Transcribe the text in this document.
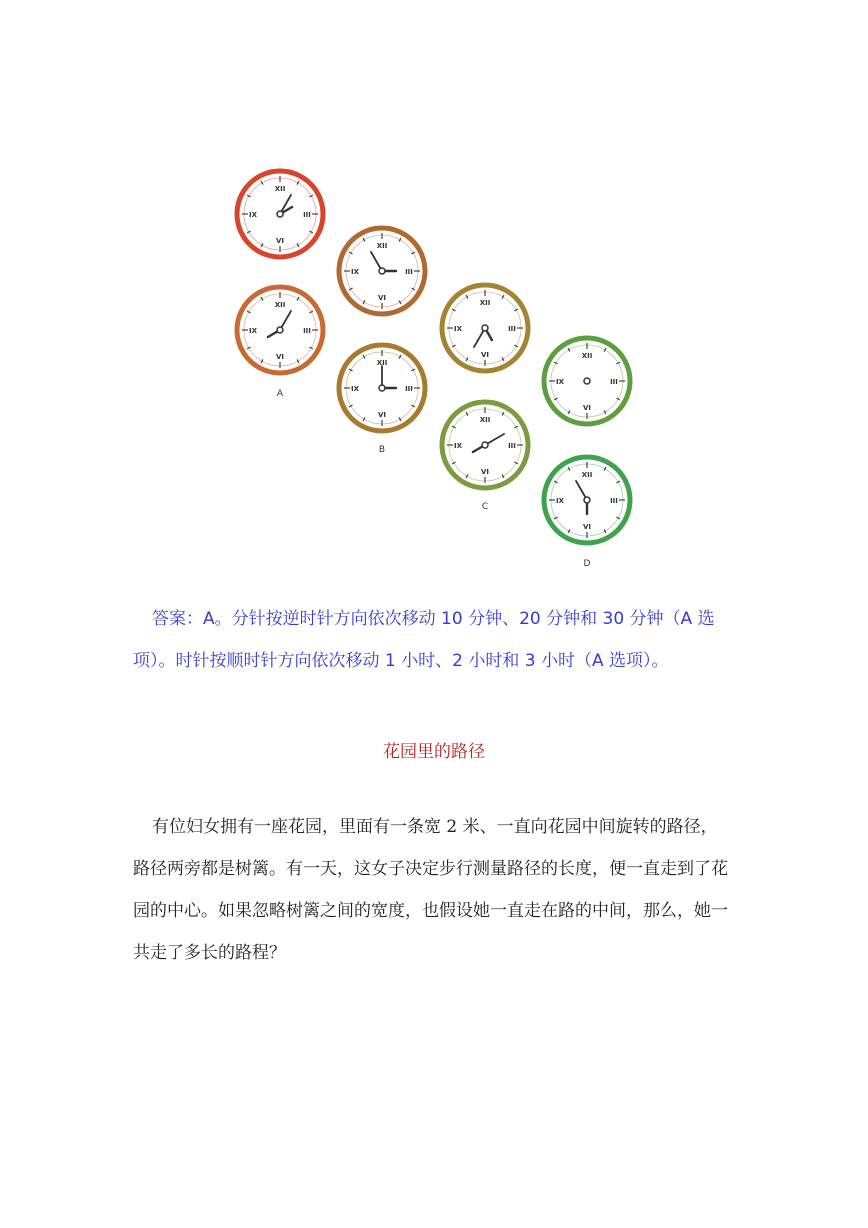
XII
III
VI
IX
XII
III
VI
IX
XII
III
VI
IX
XII
III
VI
IX
XII
III
VI
IX
XII
III
VI
IX
XII
III
VI
IX
XII
III
VI
IX
A
B
C
D

答案：A。分针按逆时针方向依次移动 10 分钟、20 分钟和 30 分钟（A 选

项）。时针按顺时针方向依次移动 1 小时、2 小时和 3 小时（A 选项）。

花园里的路径

有位妇女拥有一座花园，里面有一条宽 2 米、一直向花园中间旋转的路径，

路径两旁都是树篱。有一天，这女子决定步行测量路径的长度，便一直走到了花

园的中心。如果忽略树篱之间的宽度，也假设她一直走在路的中间，那么，她一

共走了多长的路程？
